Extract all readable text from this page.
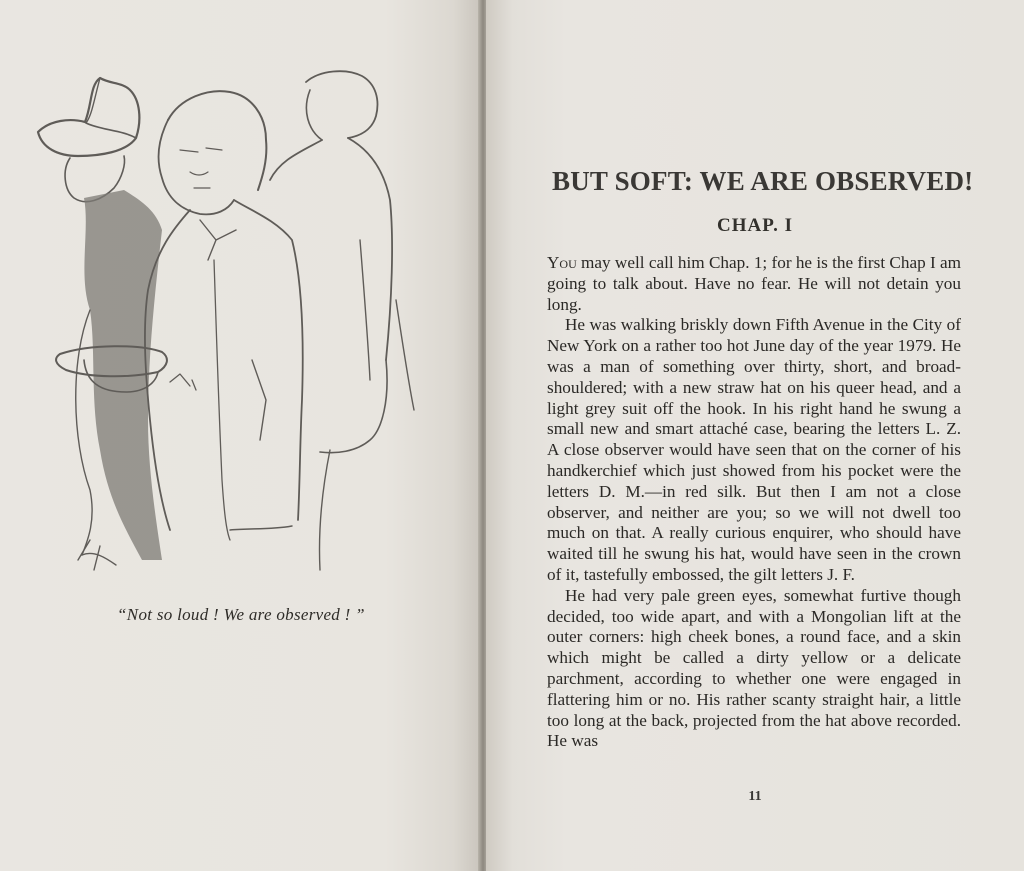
“Not so loud ! We are observed ! ”
BUT SOFT: WE ARE OBSERVED!
CHAP. I

You may well call him Chap. 1; for he is the first Chap I am going to talk about. Have no fear. He will not detain you long.

He was walking briskly down Fifth Avenue in the City of New York on a rather too hot June day of the year 1979. He was a man of something over thirty, short, and broad-shouldered; with a new straw hat on his queer head, and a light grey suit off the hook. In his right hand he swung a small new and smart attaché case, bearing the letters L. Z. A close observer would have seen that on the corner of his handkerchief which just showed from his pocket were the letters D. M.—in red silk. But then I am not a close observer, and neither are you; so we will not dwell too much on that. A really curious enquirer, who should have waited till he swung his hat, would have seen in the crown of it, tastefully embossed, the gilt letters J. F.

He had very pale green eyes, somewhat furtive though decided, too wide apart, and with a Mongolian lift at the outer corners: high cheek bones, a round face, and a skin which might be called a dirty yellow or a delicate parchment, according to whether one were engaged in flattering him or no. His rather scanty straight hair, a little too long at the back, projected from the hat above recorded. He was

11
